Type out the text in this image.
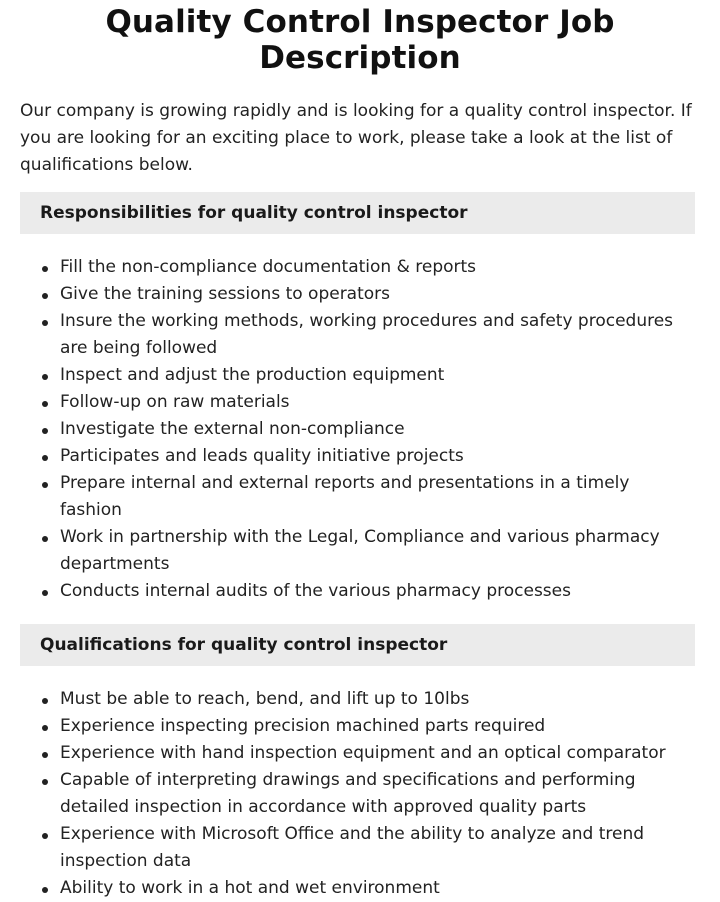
Quality Control Inspector Job Description

Our company is growing rapidly and is looking for a quality control inspector. If you are looking for an exciting place to work, please take a look at the list of qualifications below.

Responsibilities for quality control inspector
Fill the non-compliance documentation & reports
Give the training sessions to operators
Insure the working methods, working procedures and safety procedures are being followed
Inspect and adjust the production equipment
Follow-up on raw materials
Investigate the external non-compliance
Participates and leads quality initiative projects
Prepare internal and external reports and presentations in a timely fashion
Work in partnership with the Legal, Compliance and various pharmacy departments
Conducts internal audits of the various pharmacy processes
Qualifications for quality control inspector
Must be able to reach, bend, and lift up to 10lbs
Experience inspecting precision machined parts required
Experience with hand inspection equipment and an optical comparator
Capable of interpreting drawings and specifications and performing detailed inspection in accordance with approved quality parts
Experience with Microsoft Office and the ability to analyze and trend inspection data
Ability to work in a hot and wet environment
